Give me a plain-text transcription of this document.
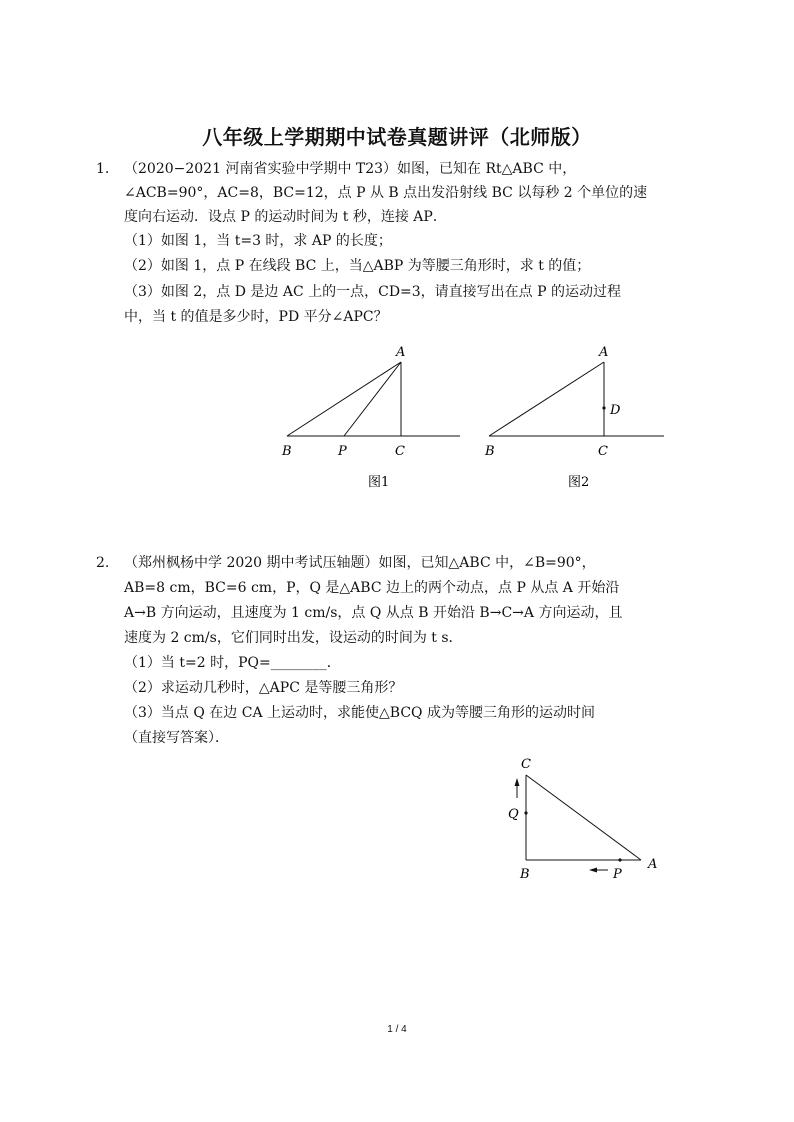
八年级上学期期中试卷真题讲评（北师版）
1. （2020−2021 河南省实验中学期中 T23）如图，已知在 Rt△ABC 中，
∠ACB=90°，AC=8，BC=12，点 P 从 B 点出发沿射线 BC 以每秒 2 个单位的速
度向右运动．设点 P 的运动时间为 t 秒，连接 AP．
（1）如图 1，当 t=3 时，求 AP 的长度；
（2）如图 1，点 P 在线段 BC 上，当△ABP 为等腰三角形时，求 t 的值；
（3）如图 2，点 D 是边 AC 上的一点，CD=3，请直接写出在点 P 的运动过程
中，当 t 的值是多少时，PD 平分∠APC？
A
B	P	C
图1
A
B	C
D
图2
C
Q
B	P
A
2. （郑州枫杨中学 2020 期中考试压轴题）如图，已知△ABC 中，∠B=90°，
AB=8 cm，BC=6 cm，P，Q 是△ABC 边上的两个动点，点 P 从点 A 开始沿
A→B 方向运动，且速度为 1 cm/s，点 Q 从点 B 开始沿 B→C→A 方向运动，且
速度为 2 cm/s，它们同时出发，设运动的时间为 t s．
（1）当 t=2 时，PQ=________．
（2）求运动几秒时，△APC 是等腰三角形？
（3）当点 Q 在边 CA 上运动时，求能使△BCQ 成为等腰三角形的运动时间
（直接写答案）．
1 / 4
